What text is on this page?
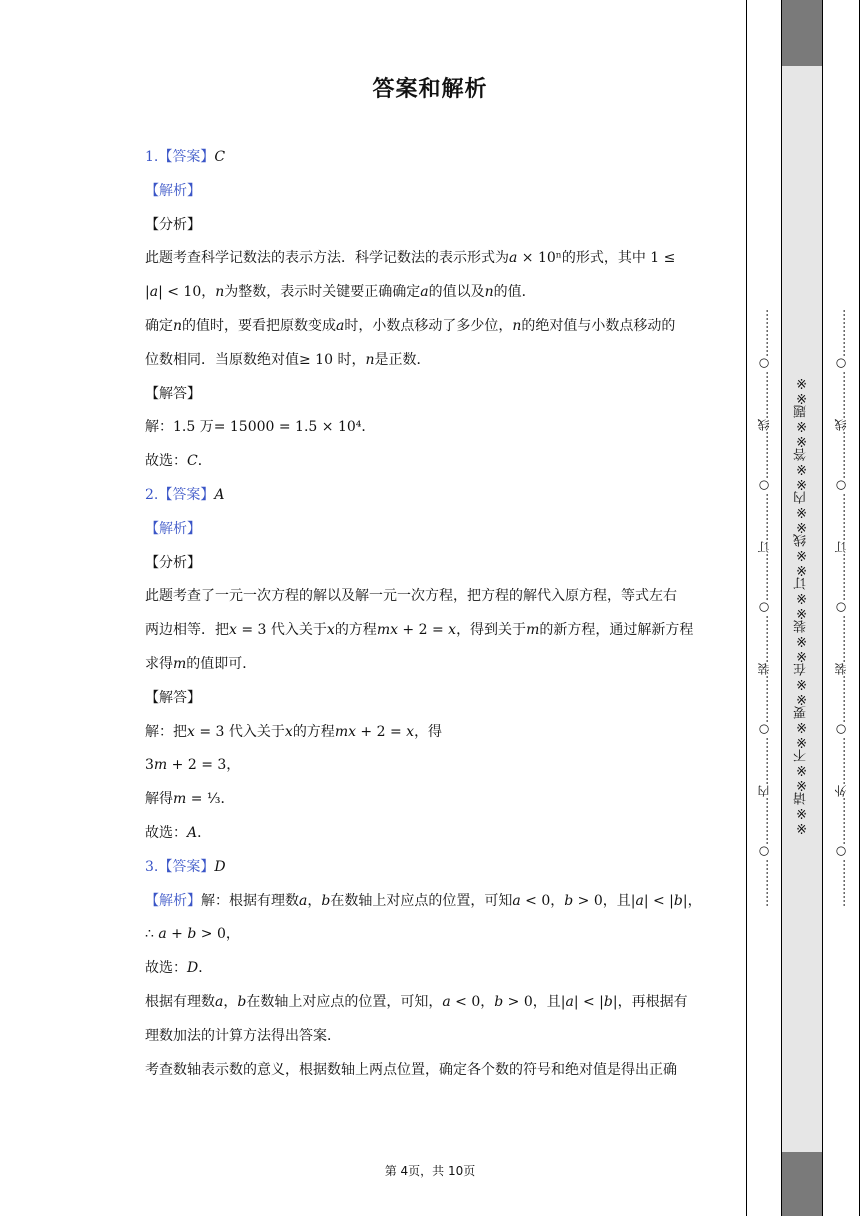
答案和解析
1.【答案】C
【解析】
【分析】
此题考查科学记数法的表示方法．科学记数法的表示形式为a × 10ⁿ的形式，其中 1 ≤
|a| < 10，n为整数，表示时关键要正确确定a的值以及n的值．
确定n的值时，要看把原数变成a时，小数点移动了多少位，n的绝对值与小数点移动的
位数相同．当原数绝对值≥ 10 时，n是正数．
【解答】
解：1.5 万= 15000 = 1.5 × 10⁴．
故选：C．
2.【答案】A
【解析】
【分析】
此题考查了一元一次方程的解以及解一元一次方程，把方程的解代入原方程，等式左右
两边相等．把x = 3 代入关于x的方程mx + 2 = x，得到关于m的新方程，通过解新方程
求得m的值即可．
【解答】
解：把x = 3 代入关于x的方程mx + 2 = x，得
3m + 2 = 3，
解得m = ⅓．
故选：A．
3.【答案】D
【解析】解：根据有理数a，b在数轴上对应点的位置，可知a < 0，b > 0，且|a| < |b|，
∴ a + b > 0，
故选：D．
根据有理数a，b在数轴上对应点的位置，可知，a < 0，b > 0，且|a| < |b|，再根据有
理数加法的计算方法得出答案．
考查数轴表示数的意义，根据数轴上两点位置，确定各个数的符号和绝对值是得出正确
第 4页，共 10页
…………○…………内…………○…………装…………○…………订…………○…………线…………○…………	…………○…………外…………○…………装…………○…………订…………○…………线…………○…………
※※请※※不※※要※※在※※装※※订※※线※※内※※答※※题※※
